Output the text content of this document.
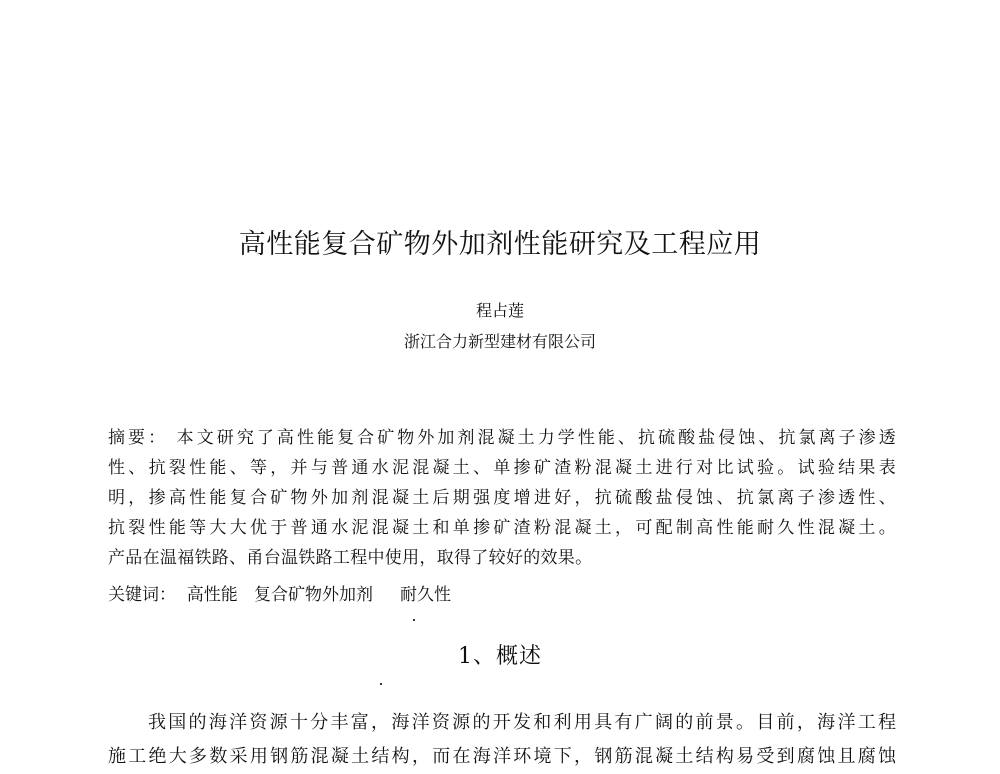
高性能复合矿物外加剂性能研究及工程应用
程占莲
浙江合力新型建材有限公司
摘要： 本文研究了高性能复合矿物外加剂混凝土力学性能、抗硫酸盐侵蚀、抗氯离子渗透
性、抗裂性能、等，并与普通水泥混凝土、单掺矿渣粉混凝土进行对比试验。试验结果表
明，掺高性能复合矿物外加剂混凝土后期强度增进好，抗硫酸盐侵蚀、抗氯离子渗透性、
抗裂性能等大大优于普通水泥混凝土和单掺矿渣粉混凝土，可配制高性能耐久性混凝土。
产品在温福铁路、甬台温铁路工程中使用，取得了较好的效果。
关键词：  高性能   复合矿物外加剂     耐久性
1、概述
我国的海洋资源十分丰富，海洋资源的开发和利用具有广阔的前景。目前，海洋工程
施工绝大多数采用钢筋混凝土结构，而在海洋环境下，钢筋混凝土结构易受到腐蚀且腐蚀
